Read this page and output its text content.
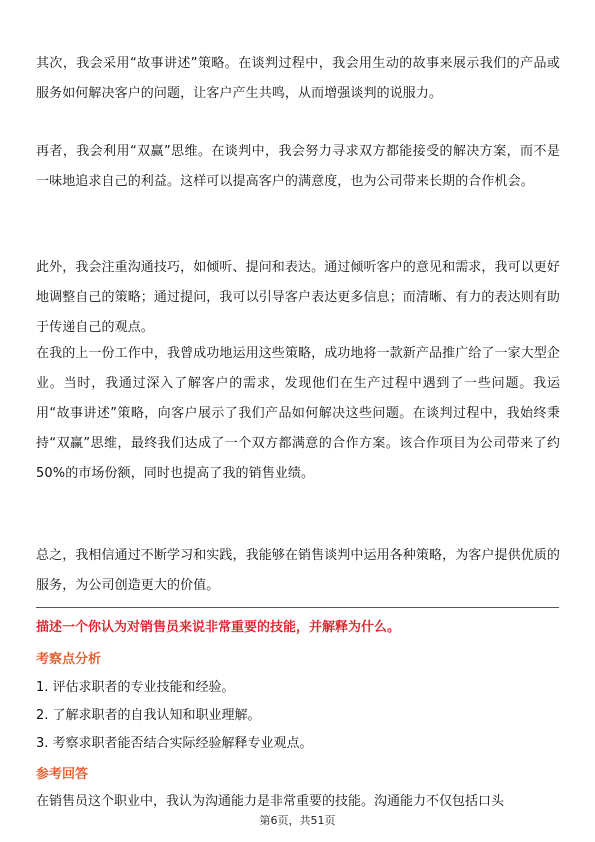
其次，我会采用“故事讲述”策略。在谈判过程中，我会用生动的故事来展示我们的产品或服务如何解决客户的问题，让客户产生共鸣，从而增强谈判的说服力。

再者，我会利用“双赢”思维。在谈判中，我会努力寻求双方都能接受的解决方案，而不是一味地追求自己的利益。这样可以提高客户的满意度，也为公司带来长期的合作机会。

此外，我会注重沟通技巧，如倾听、提问和表达。通过倾听客户的意见和需求，我可以更好地调整自己的策略；通过提问，我可以引导客户表达更多信息；而清晰、有力的表达则有助于传递自己的观点。

在我的上一份工作中，我曾成功地运用这些策略，成功地将一款新产品推广给了一家大型企业。当时，我通过深入了解客户的需求，发现他们在生产过程中遇到了一些问题。我运用“故事讲述”策略，向客户展示了我们产品如何解决这些问题。在谈判过程中，我始终秉持“双赢”思维，最终我们达成了一个双方都满意的合作方案。该合作项目为公司带来了约50%的市场份额，同时也提高了我的销售业绩。

总之，我相信通过不断学习和实践，我能够在销售谈判中运用各种策略，为客户提供优质的服务，为公司创造更大的价值。

描述一个你认为对销售员来说非常重要的技能，并解释为什么。

考察点分析

1. 评估求职者的专业技能和经验。

2. 了解求职者的自我认知和职业理解。

3. 考察求职者能否结合实际经验解释专业观点。

参考回答

在销售员这个职业中，我认为沟通能力是非常重要的技能。沟通能力不仅包括口头

第6页，共51页
